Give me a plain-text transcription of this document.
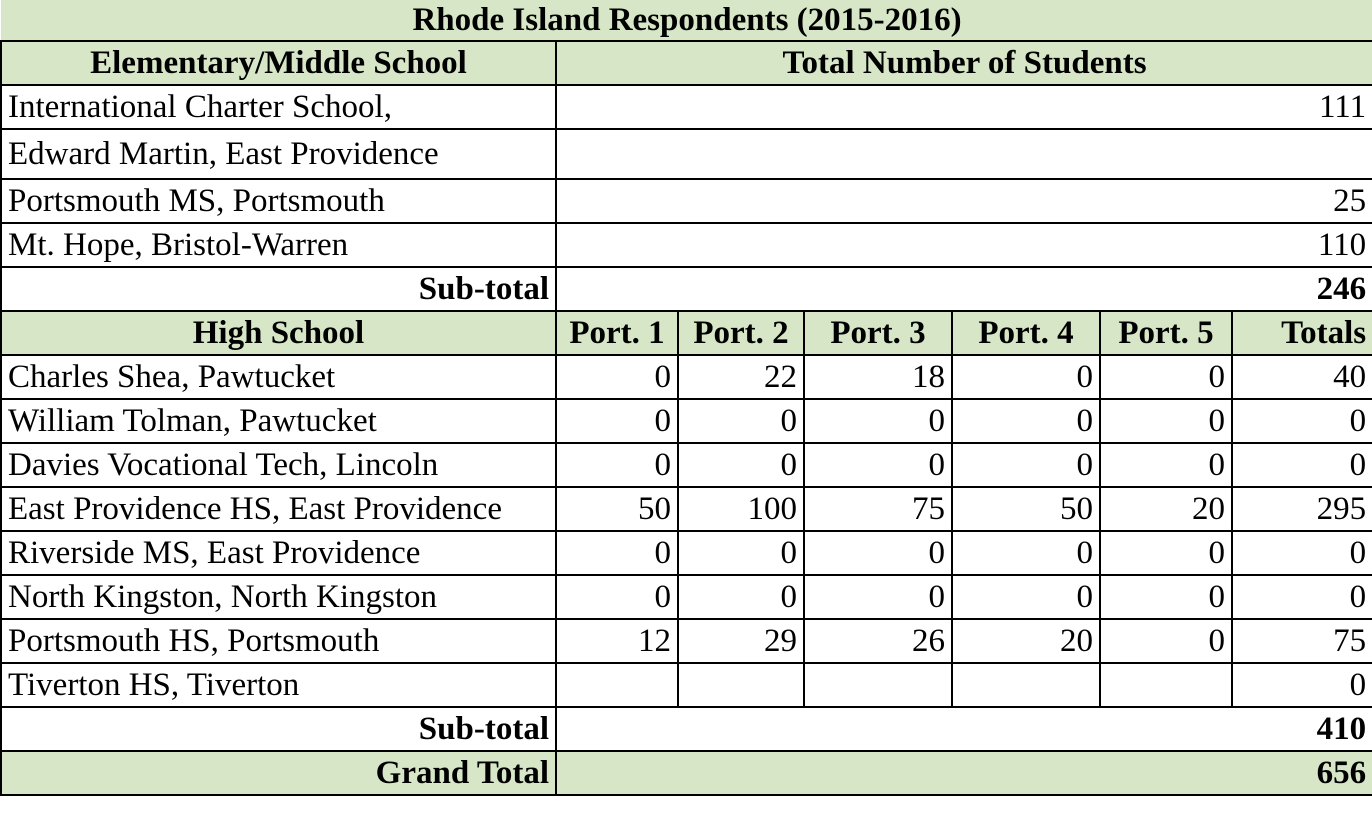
Rhode Island Respondents (2015-2016)						
Elementary/Middle School	Total Number of Students					
International Charter School,	111					
Edward Martin, East Providence						
Portsmouth MS, Portsmouth	25					
Mt. Hope, Bristol-Warren	110					
Sub-total	246					
High School	Port. 1	Port. 2	Port. 3	Port. 4	Port. 5	Totals
Charles Shea, Pawtucket	0	22	18	0	0	40
William Tolman, Pawtucket	0	0	0	0	0	0
Davies Vocational Tech, Lincoln	0	0	0	0	0	0
East Providence HS, East Providence	50	100	75	50	20	295
Riverside MS, East Providence	0	0	0	0	0	0
North Kingston, North Kingston	0	0	0	0	0	0
Portsmouth HS, Portsmouth	12	29	26	20	0	75
Tiverton HS, Tiverton						0
Sub-total	410					
Grand Total	656					
